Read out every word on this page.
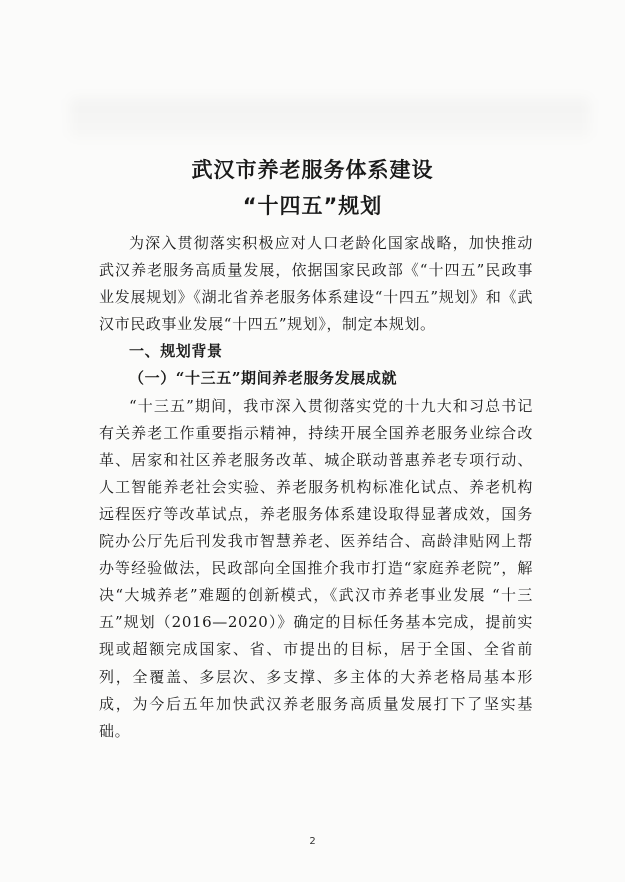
武汉市养老服务体系建设
“十四五”规划

为深入贯彻落实积极应对人口老龄化国家战略，加快推动武汉养老服务高质量发展，依据国家民政部《“十四五”民政事业发展规划》《湖北省养老服务体系建设“十四五”规划》和《武汉市民政事业发展“十四五”规划》，制定本规划。

一、规划背景

（一）“十三五”期间养老服务发展成就

“十三五”期间，我市深入贯彻落实党的十九大和习总书记有关养老工作重要指示精神，持续开展全国养老服务业综合改革、居家和社区养老服务改革、城企联动普惠养老专项行动、人工智能养老社会实验、养老服务机构标准化试点、养老机构远程医疗等改革试点，养老服务体系建设取得显著成效，国务院办公厅先后刊发我市智慧养老、医养结合、高龄津贴网上帮办等经验做法，民政部向全国推介我市打造“家庭养老院”，解决“大城养老”难题的创新模式，《武汉市养老事业发展 “十三五”规划（2016—2020）》确定的目标任务基本完成，提前实现或超额完成国家、省、市提出的目标，居于全国、全省前列，全覆盖、多层次、多支撑、多主体的大养老格局基本形成，为今后五年加快武汉养老服务高质量发展打下了坚实基础。

2
